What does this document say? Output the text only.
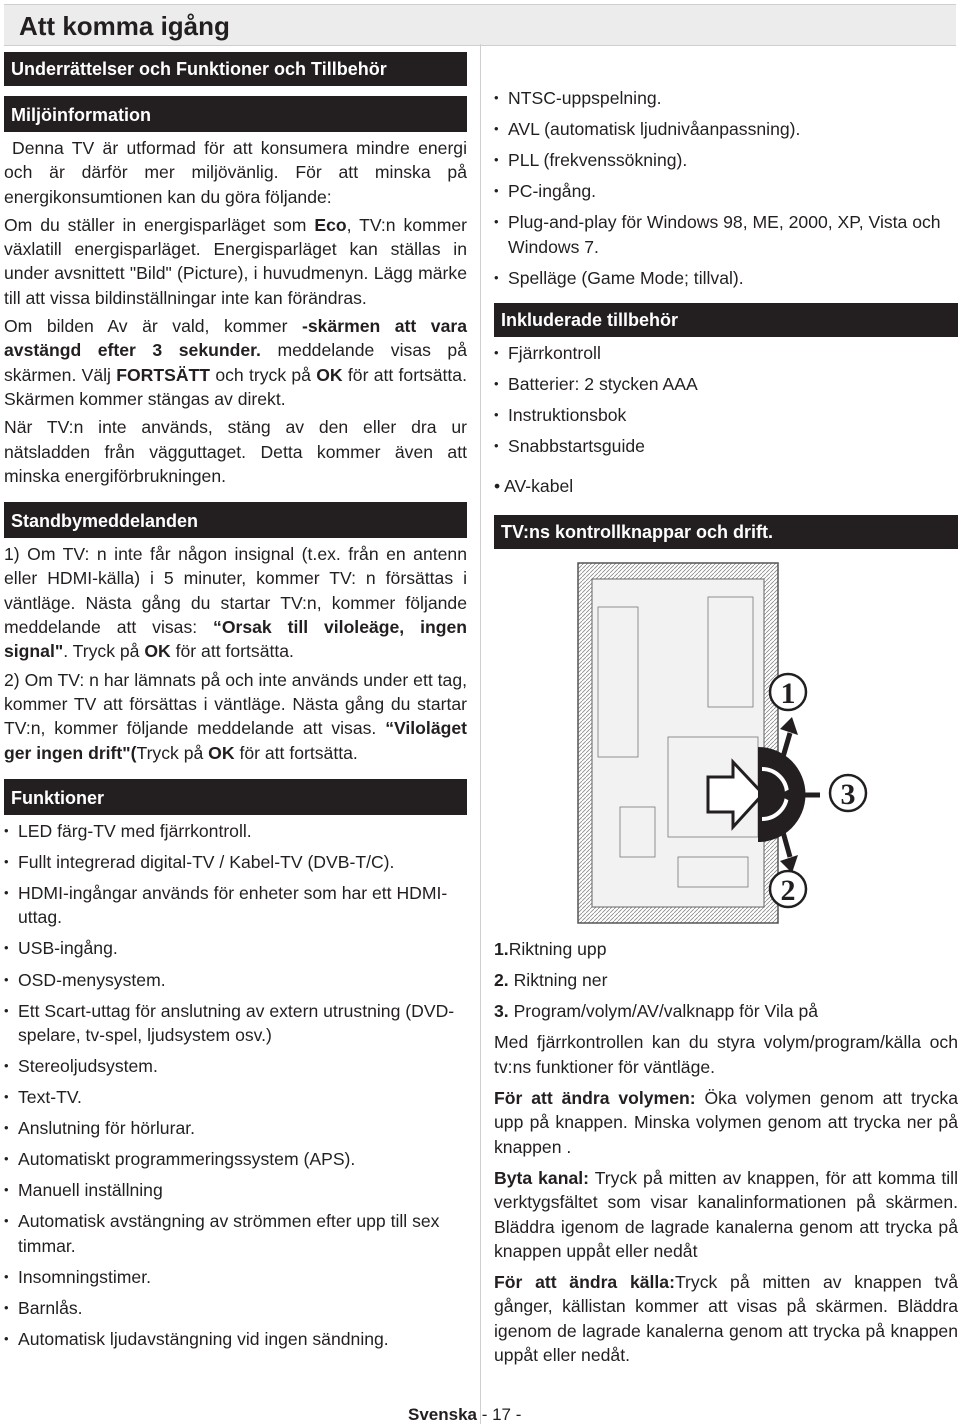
Att komma igång
Underrättelser och Funktioner och Tillbehör
Miljöinformation

Denna TV är utformad för att konsumera mindre energi och är därför mer miljövänlig. För att minska på energikonsumtionen kan du göra följande:

Om du ställer in energisparläget som Eco, TV:n kommer växlatill energisparläget. Energisparläget kan ställas in under avsnittett "Bild" (Picture), i huvudmenyn. Lägg märke till att vissa bildinställningar inte kan förändras.

Om bilden Av är vald, kommer -skärmen att vara avstängd efter 3 sekunder. meddelande visas på skärmen. Välj FORTSÄTT och tryck på OK för att fortsätta. Skärmen kommer stängas av direkt.

När TV:n inte används, stäng av den eller dra ur nätsladden från vägguttaget. Detta kommer även att minska energiförbrukningen.

Standbymeddelanden

1) Om TV: n inte får någon insignal (t.ex. från en antenn eller HDMI-källa) i 5 minuter, kommer TV: n försättas i väntläge. Nästa gång du startar TV:n, kommer följande meddelande att visas: “Orsak till viloleäge, ingen signal". Tryck på OK för att fortsätta.

2) Om TV: n har lämnats på och inte används under ett tag, kommer TV att försättas i väntläge. Nästa gång du startar TV:n, kommer följande meddelande att visas. “Viloläget ger ingen drift"(Tryck på OK för att fortsätta.

Funktioner
• LED färg-TV med fjärrkontroll.
• Fullt integrerad digital-TV / Kabel-TV (DVB-T/C).
• HDMI-ingångar används för enheter som har ett HDMI-uttag.
• USB-ingång.
• OSD-menysystem.
• Ett Scart-uttag för anslutning av extern utrustning (DVD-spelare, tv-spel, ljudsystem osv.)
• Stereoljudsystem.
• Text-TV.
• Anslutning för hörlurar.
• Automatiskt programmeringssystem (APS).
• Manuell inställning
• Automatisk avstängning av strömmen efter upp till sex timmar.
• Insomningstimer.
• Barnlås.
• Automatisk ljudavstängning vid ingen sändning.
• NTSC-uppspelning.
• AVL (automatisk ljudnivåanpassning).
• PLL (frekvenssökning).
• PC-ingång.
• Plug-and-play för Windows 98, ME, 2000, XP, Vista och Windows 7.
• Spelläge (Game Mode; tillval).
Inkluderade tillbehör
• Fjärrkontroll
• Batterier: 2 stycken AAA
• Instruktionsbok
• Snabbstartsguide

• AV-kabel

TV:ns kontrollknappar och drift.
1
2
3

1.Riktning upp

2. Riktning ner

3. Program/volym/AV/valknapp för Vila på

Med fjärrkontrollen kan du styra volym/program/källa och tv:ns funktioner för väntläge.

För att ändra volymen: Öka volymen genom att trycka upp på knappen. Minska volymen genom att trycka ner på knappen .

Byta kanal: Tryck på mitten av knappen, för att komma till verktygsfältet som visar kanalinformationen på skärmen. Bläddra igenom de lagrade kanalerna genom att trycka på knappen uppåt eller nedåt

För att ändra källa:Tryck på mitten av knappen två gånger, källistan kommer att visas på skärmen. Bläddra igenom de lagrade kanalerna genom att trycka på knappen uppåt eller nedåt.

Svenska - 17 -
